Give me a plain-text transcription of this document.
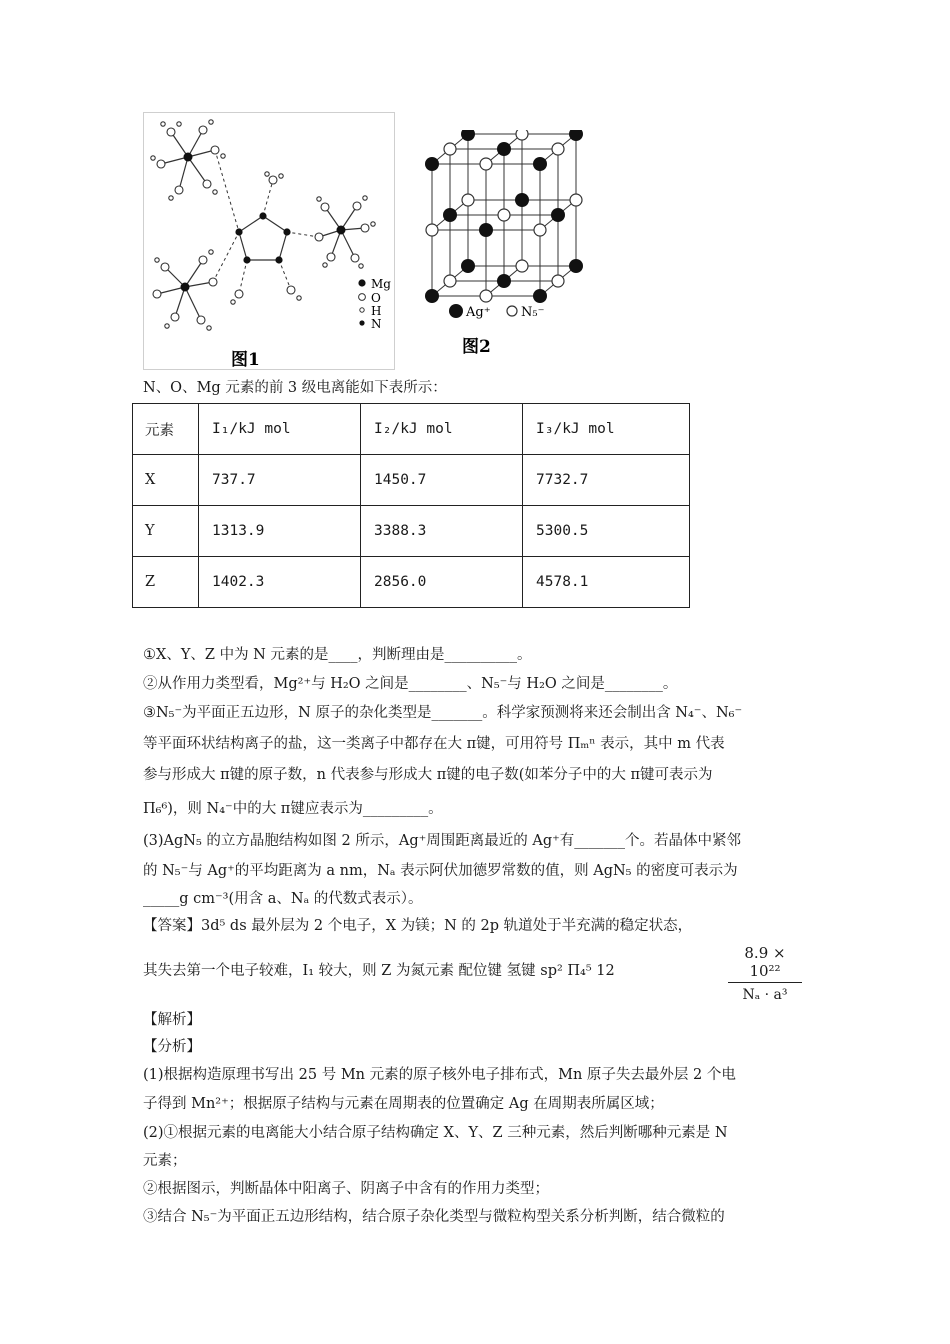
Mg
O
H
N
图1
Ag⁺ N₅⁻
图2
N、O、Mg 元素的前 3 级电离能如下表所示：
元素	I₁/kJ mol	I₂/kJ mol	I₃/kJ mol
X	737.7	1450.7	7732.7
Y	1313.9	3388.3	5300.5
Z	1402.3	2856.0	4578.1
①X、Y、Z 中为 N 元素的是____，判断理由是__________。
②从作用力类型看，Mg²⁺与 H₂O 之间是________、N₅⁻与 H₂O 之间是________。
③N₅⁻为平面正五边形，N 原子的杂化类型是_______。科学家预测将来还会制出含 N₄⁻、N₆⁻
等平面环状结构离子的盐，这一类离子中都存在大 π键，可用符号 Πₘⁿ 表示，其中 m 代表
参与形成大 π键的原子数，n 代表参与形成大 π键的电子数(如苯分子中的大 π键可表示为
Π₆⁶)，则 N₄⁻中的大 π键应表示为_________。
(3)AgN₅ 的立方晶胞结构如图 2 所示，Ag⁺周围距离最近的 Ag⁺有_______个。若晶体中紧邻
的 N₅⁻与 Ag⁺的平均距离为 a nm，Nₐ 表示阿伏加德罗常数的值，则 AgN₅ 的密度可表示为
_____g cm⁻³(用含 a、Nₐ 的代数式表示）。
【答案】3d⁵ ds 最外层为 2 个电子，X 为镁；N 的 2p 轨道处于半充满的稳定状态，
其失去第一个电子较难，I₁ 较大，则 Z 为氮元素 配位键 氢键 sp² Π₄⁵ 12	$\frac{\text{8.9 × 10²²}}{\text{Nₐ · a³}}$
【解析】
【分析】
(1)根据构造原理书写出 25 号 Mn 元素的原子核外电子排布式，Mn 原子失去最外层 2 个电
子得到 Mn²⁺；根据原子结构与元素在周期表的位置确定 Ag 在周期表所属区域；
(2)①根据元素的电离能大小结合原子结构确定 X、Y、Z 三种元素，然后判断哪种元素是 N
元素；
②根据图示，判断晶体中阳离子、阴离子中含有的作用力类型；
③结合 N₅⁻为平面正五边形结构，结合原子杂化类型与微粒构型关系分析判断，结合微粒的
